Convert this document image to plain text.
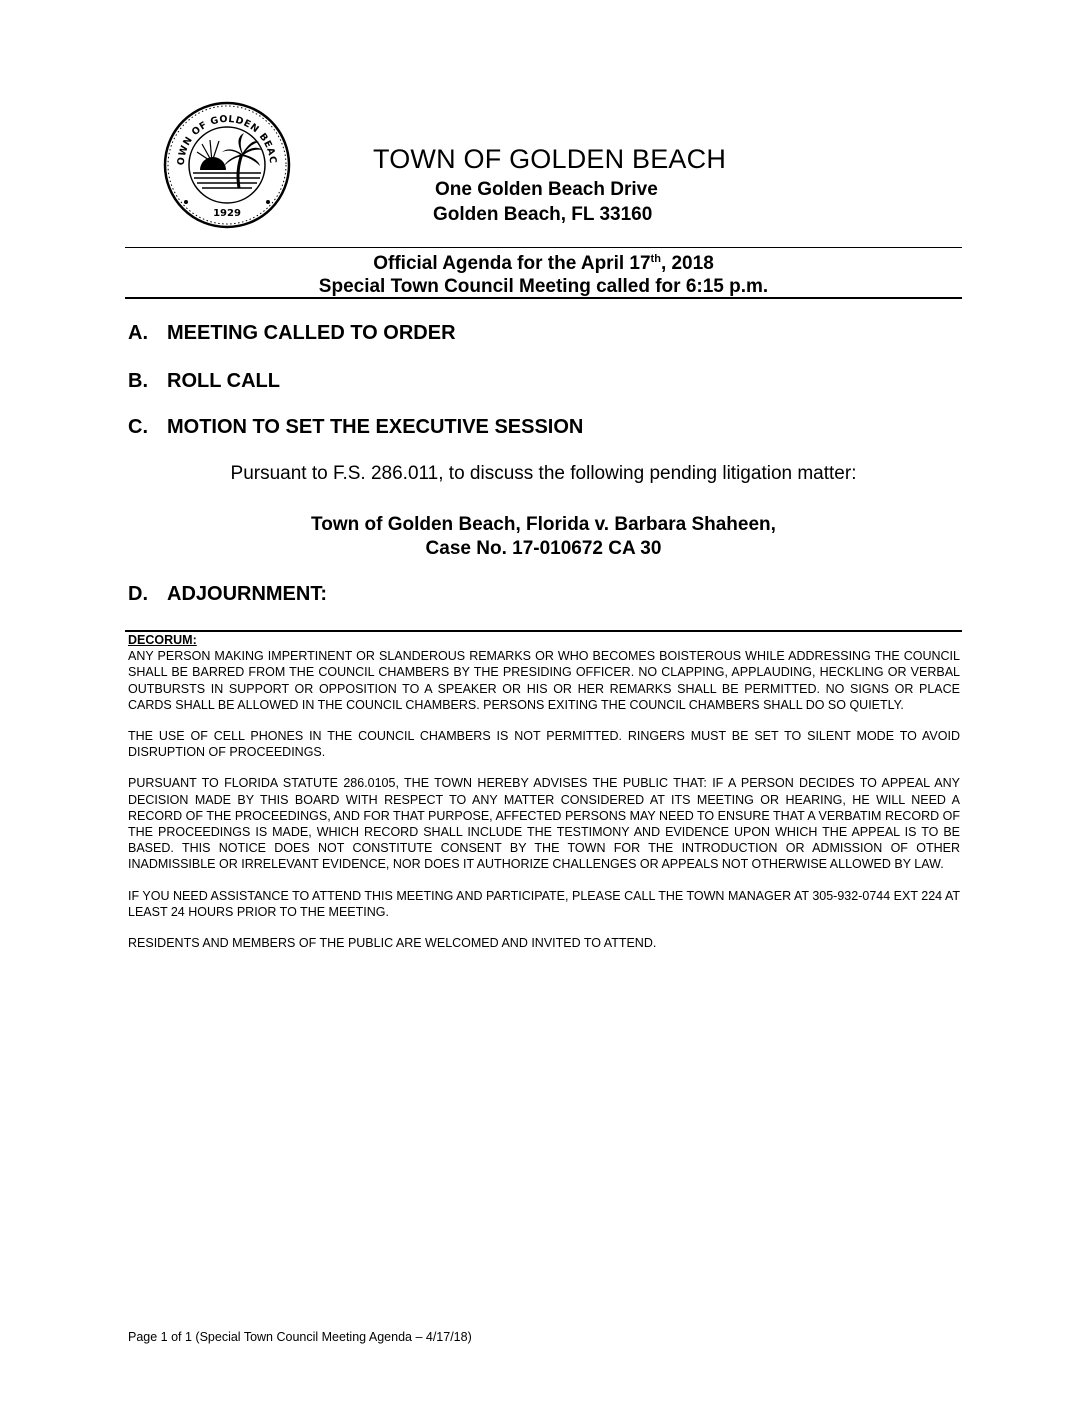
OWN OF GOLDEN BEAC
1929
TOWN OF GOLDEN BEACH
One Golden Beach Drive
Golden Beach, FL 33160
Official Agenda for the April 17th, 2018
Special Town Council Meeting called for 6:15 p.m.
A. MEETING CALLED TO ORDER
B. ROLL CALL
C. MOTION TO SET THE EXECUTIVE SESSION
Pursuant to F.S. 286.011, to discuss the following pending litigation matter:
Town of Golden Beach, Florida v. Barbara Shaheen,
Case No. 17-010672 CA 30
D. ADJOURNMENT:
DECORUM:

ANY PERSON MAKING IMPERTINENT OR SLANDEROUS REMARKS OR WHO BECOMES BOISTEROUS WHILE ADDRESSING THE COUNCIL SHALL BE BARRED FROM THE COUNCIL CHAMBERS BY THE PRESIDING OFFICER. NO CLAPPING, APPLAUDING, HECKLING OR VERBAL OUTBURSTS IN SUPPORT OR OPPOSITION TO A SPEAKER OR HIS OR HER REMARKS SHALL BE PERMITTED. NO SIGNS OR PLACE CARDS SHALL BE ALLOWED IN THE COUNCIL CHAMBERS. PERSONS EXITING THE COUNCIL CHAMBERS SHALL DO SO QUIETLY.

THE USE OF CELL PHONES IN THE COUNCIL CHAMBERS IS NOT PERMITTED. RINGERS MUST BE SET TO SILENT MODE TO AVOID DISRUPTION OF PROCEEDINGS.

PURSUANT TO FLORIDA STATUTE 286.0105, THE TOWN HEREBY ADVISES THE PUBLIC THAT: IF A PERSON DECIDES TO APPEAL ANY DECISION MADE BY THIS BOARD WITH RESPECT TO ANY MATTER CONSIDERED AT ITS MEETING OR HEARING, HE WILL NEED A RECORD OF THE PROCEEDINGS, AND FOR THAT PURPOSE, AFFECTED PERSONS MAY NEED TO ENSURE THAT A VERBATIM RECORD OF THE PROCEEDINGS IS MADE, WHICH RECORD SHALL INCLUDE THE TESTIMONY AND EVIDENCE UPON WHICH THE APPEAL IS TO BE BASED. THIS NOTICE DOES NOT CONSTITUTE CONSENT BY THE TOWN FOR THE INTRODUCTION OR ADMISSION OF OTHER INADMISSIBLE OR IRRELEVANT EVIDENCE, NOR DOES IT AUTHORIZE CHALLENGES OR APPEALS NOT OTHERWISE ALLOWED BY LAW.

IF YOU NEED ASSISTANCE TO ATTEND THIS MEETING AND PARTICIPATE, PLEASE CALL THE TOWN MANAGER AT 305-932-0744 EXT 224 AT LEAST 24 HOURS PRIOR TO THE MEETING.

RESIDENTS AND MEMBERS OF THE PUBLIC ARE WELCOMED AND INVITED TO ATTEND.

Page 1 of 1 (Special Town Council Meeting Agenda – 4/17/18)
